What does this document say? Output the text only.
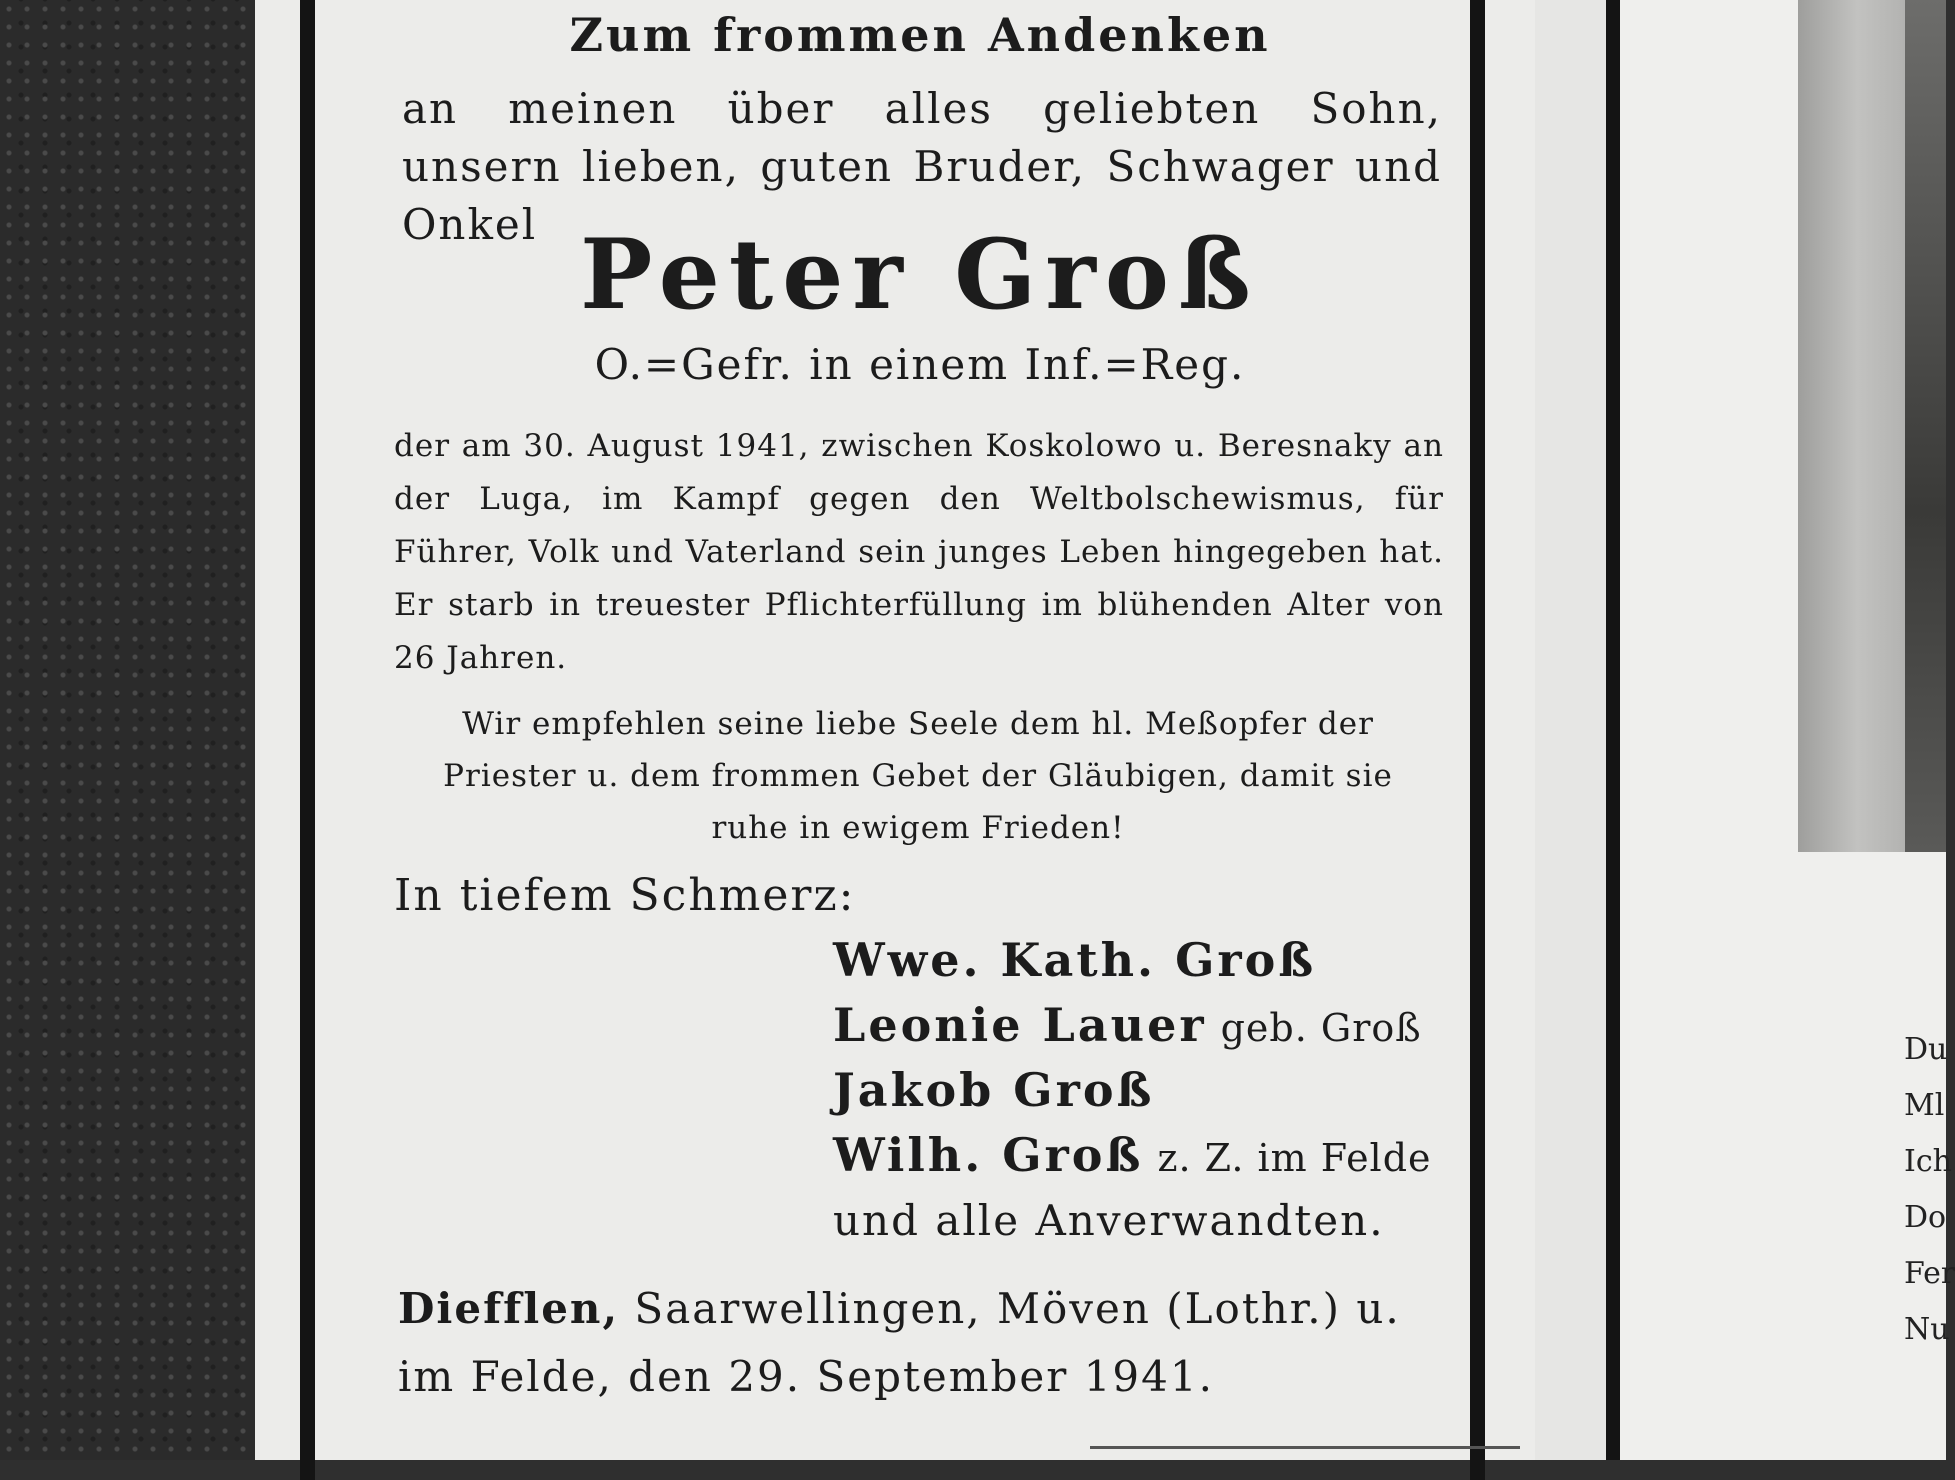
Du
Ml
Ich
Do
Fer
Nu
Zum frommen Andenken
an meinen über alles geliebten Sohn, unsern lieben, guten Bruder, Schwager und Onkel Peter Groß
O.=Gefr. in einem Inf.=Reg.
der am 30. August 1941, zwischen Koskolowo u. Beresnaky an der Luga, im Kampf gegen den Weltbolschewismus, für Führer, Volk und Vaterland sein junges Leben hingegeben hat. Er starb in treuester Pflichterfüllung im blühenden Alter von 26 Jahren.
Wir empfehlen seine liebe Seele dem hl. Meßopfer der
Priester u. dem frommen Gebet der Gläubigen, damit sie
ruhe in ewigem Frieden!
In tiefem Schmerz:
Wwe. Kath. Groß
Leonie Lauer geb. Groß
Jakob Groß
Wilh. Groß z. Z. im Felde
und alle Anverwandten.
Diefflen, Saarwellingen, Möven (Lothr.) u.
im Felde, den 29. September 1941.
